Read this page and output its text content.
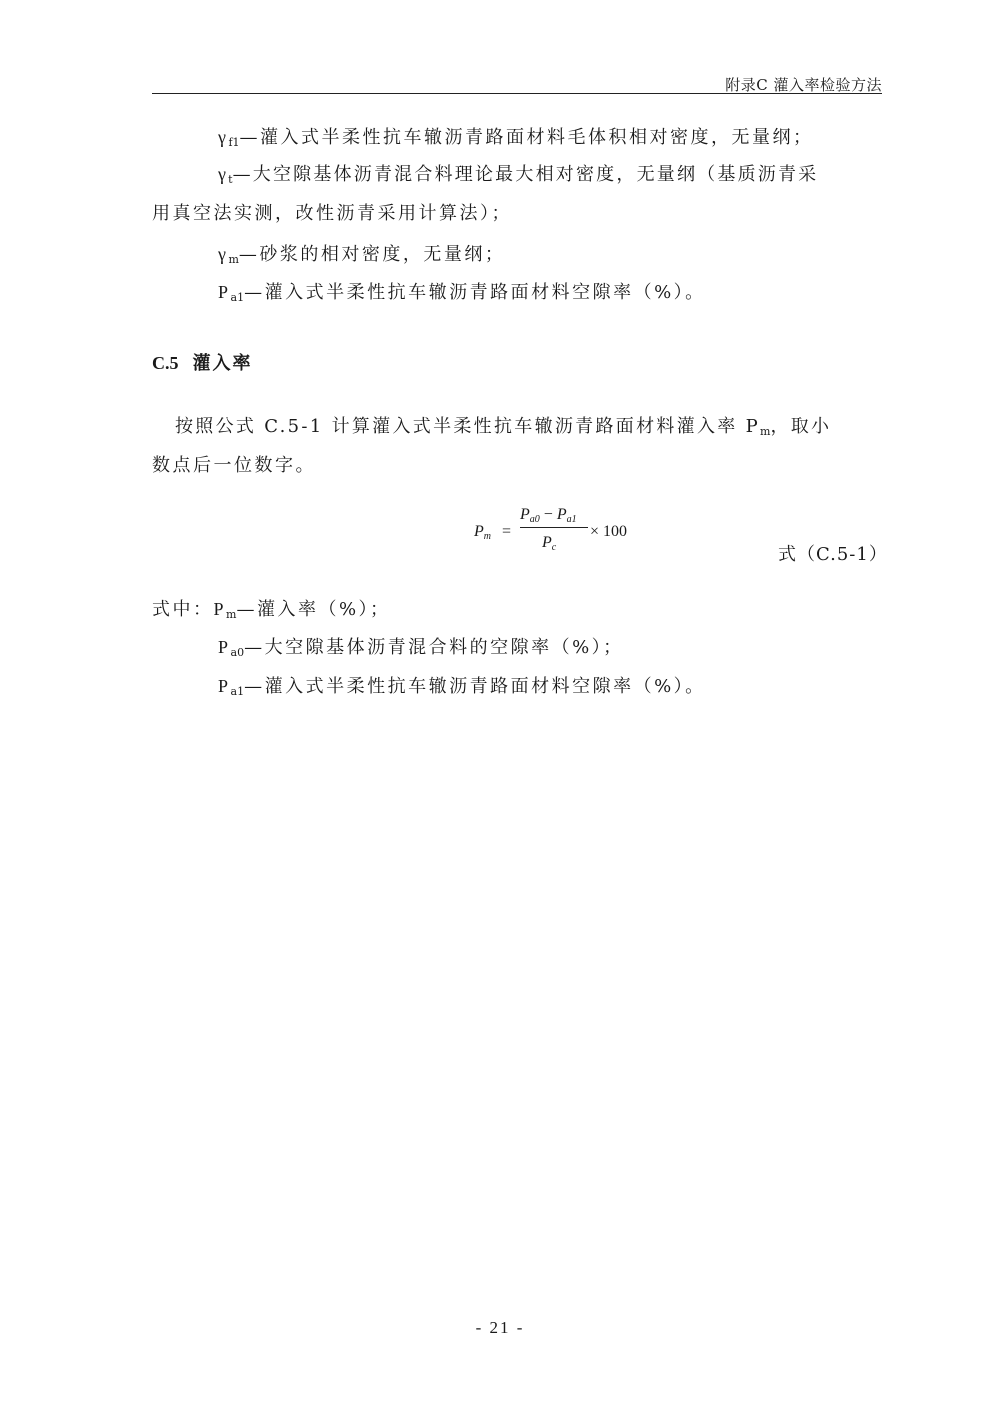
附录C 灌入率检验方法
$\gamma_{f1}—$灌入式半柔性抗车辙沥青路面材料毛体积相对密度，无量纲；
$\gamma_t—$大空隙基体沥青混合料理论最大相对密度，无量纲（基质沥青采
用真空法实测，改性沥青采用计算法）；
$\gamma_m—$砂浆的相对密度，无量纲；
$P_{a1}—$灌入式半柔性抗车辙沥青路面材料空隙率（%）。
C.5 灌入率
按照公式 C.5-1 计算灌入式半柔性抗车辙沥青路面材料灌入率 $P_m$，取小
数点后一位数字。
$P_m$ =
$P_{a0} - P_{a1}$
$P_c$
× 100
式（C.5-1）
式中：$P_m—$灌入率（%）；
$P_{a0}—$大空隙基体沥青混合料的空隙率（%）；
$P_{a1}—$灌入式半柔性抗车辙沥青路面材料空隙率（%）。
- 21 -
